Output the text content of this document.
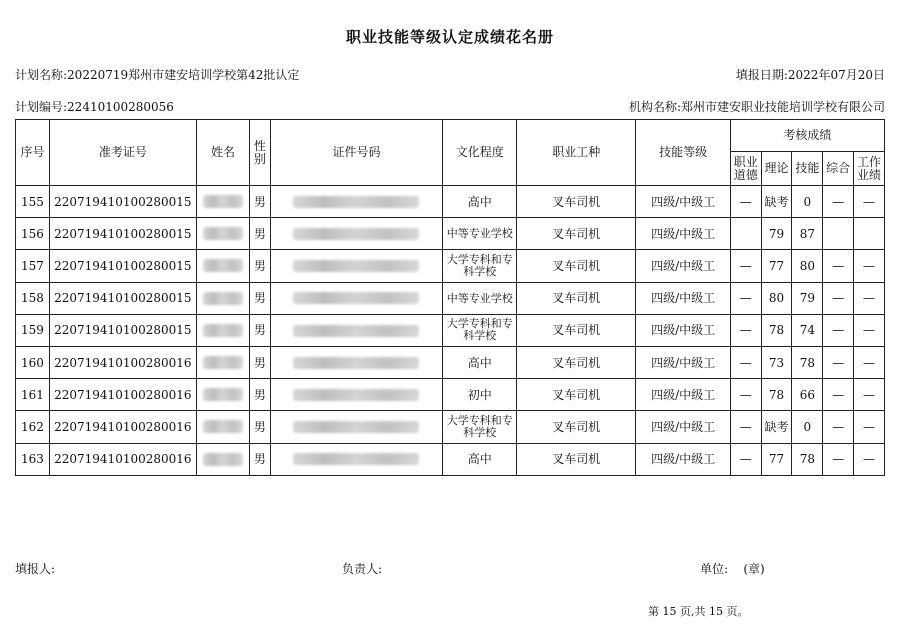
职业技能等级认定成绩花名册
计划名称:20220719郑州市建安培训学校第42批认定	填报日期:2022年07月20日
计划编号:22410100280056	机构名称:郑州市建安职业技能培训学校有限公司
序号	准考证号	姓名	性别	证件号码	文化程度	职业工种	技能等级	考核成绩				
								职业道德	理论	技能	综合	工作业绩
155	220719410100280015		男		高中	叉车司机	四级/中级工	—	缺考	0	—	—
156	220719410100280015		男		中等专业学校	叉车司机	四级/中级工		79	87		
157	220719410100280015		男		大学专科和专科学校	叉车司机	四级/中级工	—	77	80	—	—
158	220719410100280015		男		中等专业学校	叉车司机	四级/中级工	—	80	79	—	—
159	220719410100280015		男		大学专科和专科学校	叉车司机	四级/中级工	—	78	74	—	—
160	220719410100280016		男		高中	叉车司机	四级/中级工	—	73	78	—	—
161	220719410100280016		男		初中	叉车司机	四级/中级工	—	78	66	—	—
162	220719410100280016		男		大学专科和专科学校	叉车司机	四级/中级工	—	缺考	0	—	—
163	220719410100280016		男		高中	叉车司机	四级/中级工	—	77	78	—	—
填报人:	负责人:	单位: (章)
第 15 页,共 15 页。
